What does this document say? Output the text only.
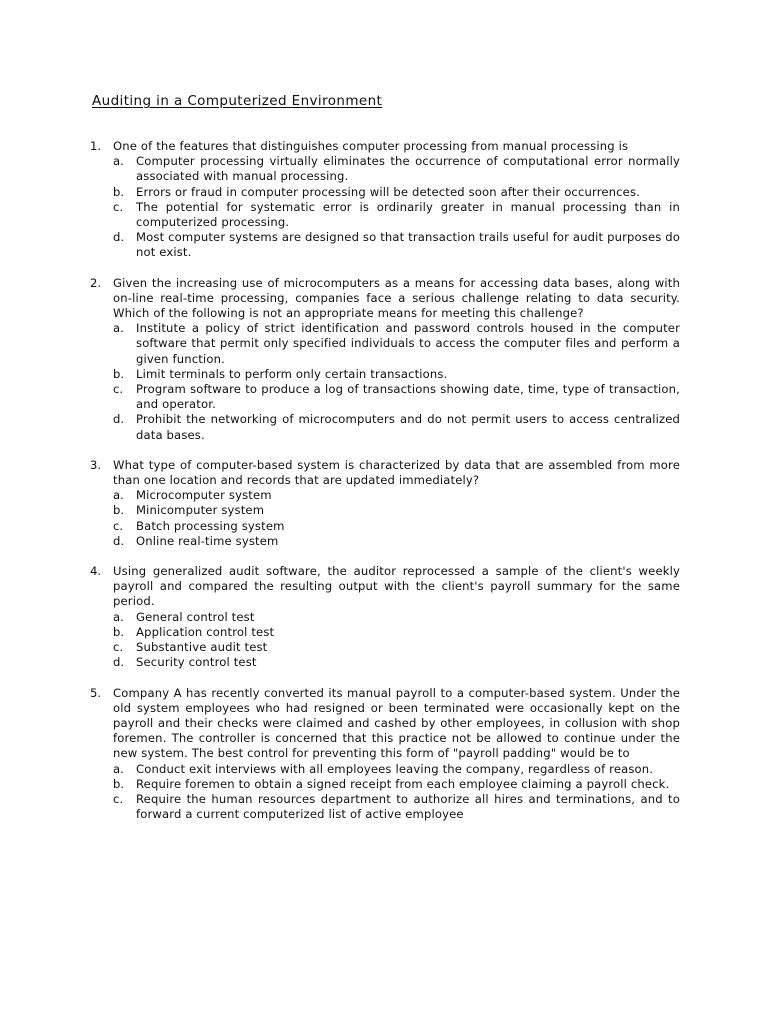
Auditing in a Computerized Environment
1.	One of the features that distinguishes computer processing from manual processing is
a.	Computer processing virtually eliminates the occurrence of computational error normally associated with manual processing.
b.	Errors or fraud in computer processing will be detected soon after their occurrences.
c.	The potential for systematic error is ordinarily greater in manual processing than in computerized processing.
d.	Most computer systems are designed so that transaction trails useful for audit purposes do not exist.
2.	Given the increasing use of microcomputers as a means for accessing data bases, along with on-line real-time processing, companies face a serious challenge relating to data security. Which of the following is not an appropriate means for meeting this challenge?
a.	Institute a policy of strict identification and password controls housed in the computer software that permit only specified individuals to access the computer files and perform a given function.
b.	Limit terminals to perform only certain transactions.
c.	Program software to produce a log of transactions showing date, time, type of transaction, and operator.
d.	Prohibit the networking of microcomputers and do not permit users to access centralized data bases.
3.	What type of computer-based system is characterized by data that are assembled from more than one location and records that are updated immediately?
a.	Microcomputer system
b.	Minicomputer system
c.	Batch processing system
d.	Online real-time system
4.	Using generalized audit software, the auditor reprocessed a sample of the client's weekly payroll and compared the resulting output with the client's payroll summary for the same period.
a.	General control test
b.	Application control test
c.	Substantive audit test
d.	Security control test
5.	Company A has recently converted its manual payroll to a computer-based system. Under the old system employees who had resigned or been terminated were occasionally kept on the payroll and their checks were claimed and cashed by other employees, in collusion with shop foremen. The controller is concerned that this practice not be allowed to continue under the new system. The best control for preventing this form of "payroll padding" would be to
a.	Conduct exit interviews with all employees leaving the company, regardless of reason.
b.	Require foremen to obtain a signed receipt from each employee claiming a payroll check.
c.	Require the human resources department to authorize all hires and terminations, and to forward a current computerized list of active employee
